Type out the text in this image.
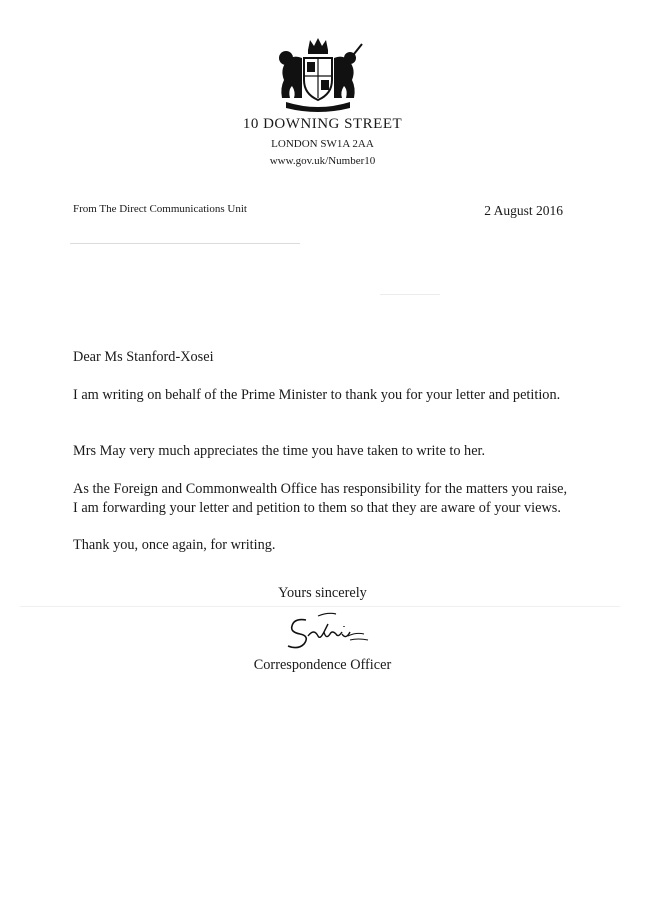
10 DOWNING STREET
LONDON SW1A 2AA
www.gov.uk/Number10
From The Direct Communications Unit	2 August 2016

Dear Ms Stanford-Xosei

I am writing on behalf of the Prime Minister to thank you for your letter and petition.

Mrs May very much appreciates the time you have taken to write to her.

As the Foreign and Commonwealth Office has responsibility for the matters you raise, I am forwarding your letter and petition to them so that they are aware of your views.

Thank you, once again, for writing.

Yours sincerely
Correspondence Officer
